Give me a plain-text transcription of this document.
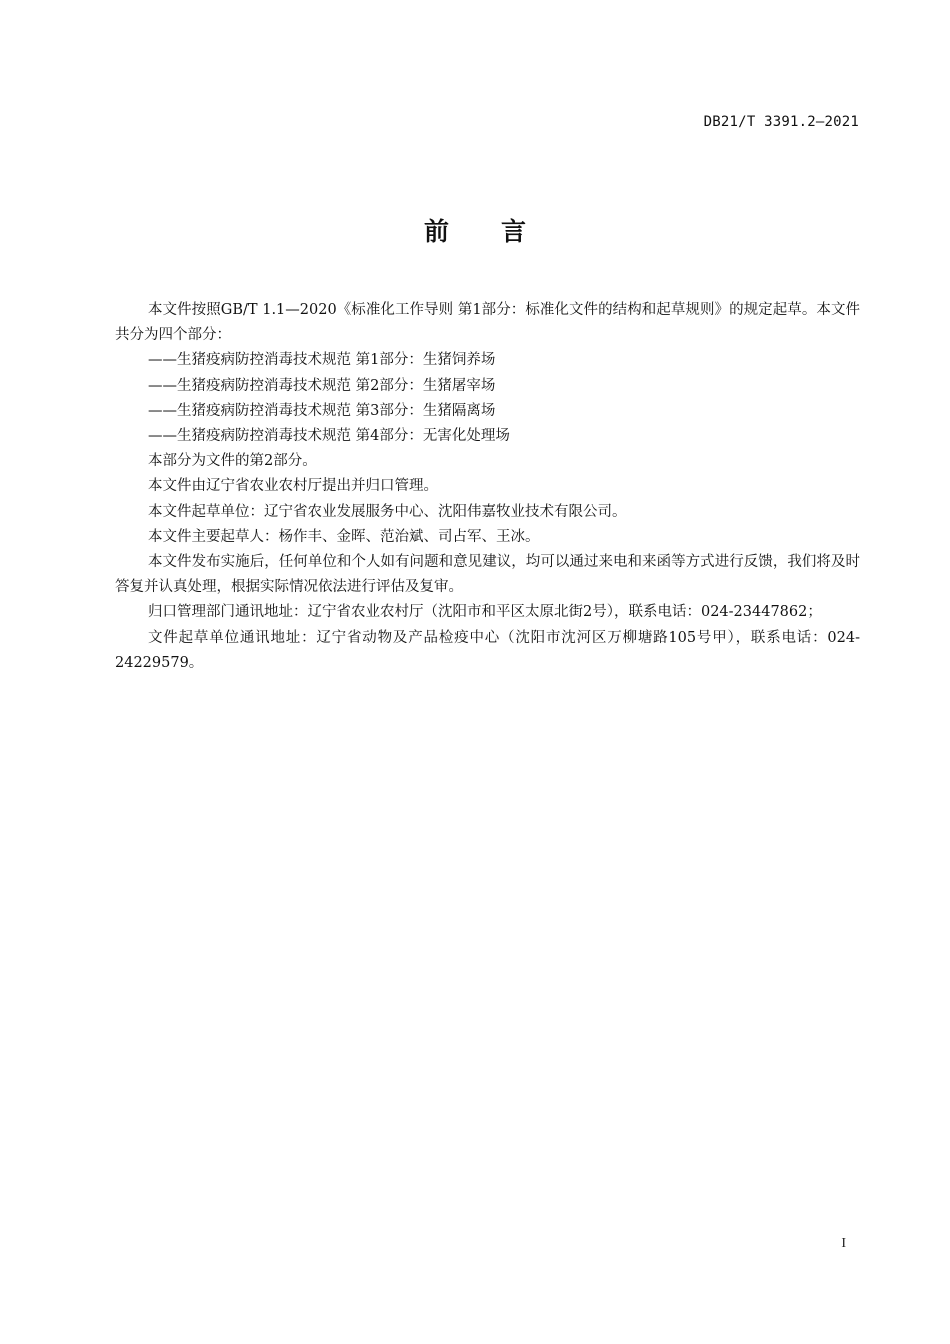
DB21/T 3391.2—2021
前言

本文件按照GB/T 1.1—2020《标准化工作导则 第1部分：标准化文件的结构和起草规则》的规定起草。本文件共分为四个部分：

——生猪疫病防控消毒技术规范 第1部分：生猪饲养场

——生猪疫病防控消毒技术规范 第2部分：生猪屠宰场

——生猪疫病防控消毒技术规范 第3部分：生猪隔离场

——生猪疫病防控消毒技术规范 第4部分：无害化处理场

本部分为文件的第2部分。

本文件由辽宁省农业农村厅提出并归口管理。

本文件起草单位：辽宁省农业发展服务中心、沈阳伟嘉牧业技术有限公司。

本文件主要起草人：杨作丰、金晖、范治斌、司占军、王冰。

本文件发布实施后，任何单位和个人如有问题和意见建议，均可以通过来电和来函等方式进行反馈，我们将及时答复并认真处理，根据实际情况依法进行评估及复审。

归口管理部门通讯地址：辽宁省农业农村厅（沈阳市和平区太原北街2号），联系电话：024-23447862；

文件起草单位通讯地址：辽宁省动物及产品检疫中心（沈阳市沈河区万柳塘路105号甲），联系电话：024-24229579。

I
